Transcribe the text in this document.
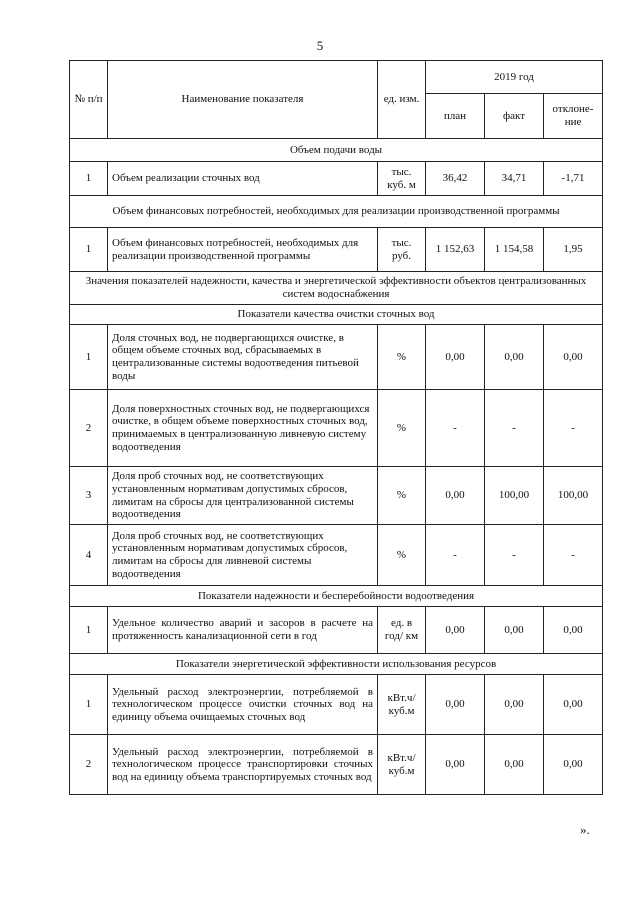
5
№ п/п	Наименование показателя	ед. изм.	2019 год		
			план	факт	отклоне-ние
Объем подачи воды					
1	Объем реализации сточных вод	тыс. куб. м	36,42	34,71	-1,71
Объем финансовых потребностей, необходимых для реализации производственной программы					
1	Объем финансовых потребностей, необходимых для реализации производственной программы	тыс. руб.	1 152,63	1 154,58	1,95
Значения показателей надежности, качества и энергетической эффективности объектов централизованных систем водоснабжения					
Показатели качества очистки сточных вод					
1	Доля сточных вод, не подвергающихся очистке, в общем объеме сточных вод, сбрасываемых в централизованные системы водоотведения питьевой воды	%	0,00	0,00	0,00
2	Доля поверхностных сточных вод, не подвергающихся очистке, в общем объеме поверхностных сточных вод, принимаемых в централизованную ливневую систему водоотведения	%	-	-	-
3	Доля проб сточных вод, не соответствующих установленным нормативам допустимых сбросов, лимитам на сбросы для централизованной системы водоотведения	%	0,00	100,00	100,00
4	Доля проб сточных вод, не соответствующих установленным нормативам допустимых сбросов, лимитам на сбросы для ливневой системы водоотведения	%	-	-	-
Показатели надежности и бесперебойности водоотведения					
1	Удельное количество аварий и засоров в расчете на протяженность канализационной сети в год	ед. в год/ км	0,00	0,00	0,00
Показатели энергетической эффективности использования ресурсов					
1	Удельный расход электроэнергии, потребляемой в технологическом процессе очистки сточных вод на единицу объема очищаемых сточных вод	кВт.ч/ куб.м	0,00	0,00	0,00
2	Удельный расход электроэнергии, потребляемой в технологическом процессе транспортировки сточных вод на единицу объема транспортируемых сточных вод	кВт.ч/ куб.м	0,00	0,00	0,00
».
